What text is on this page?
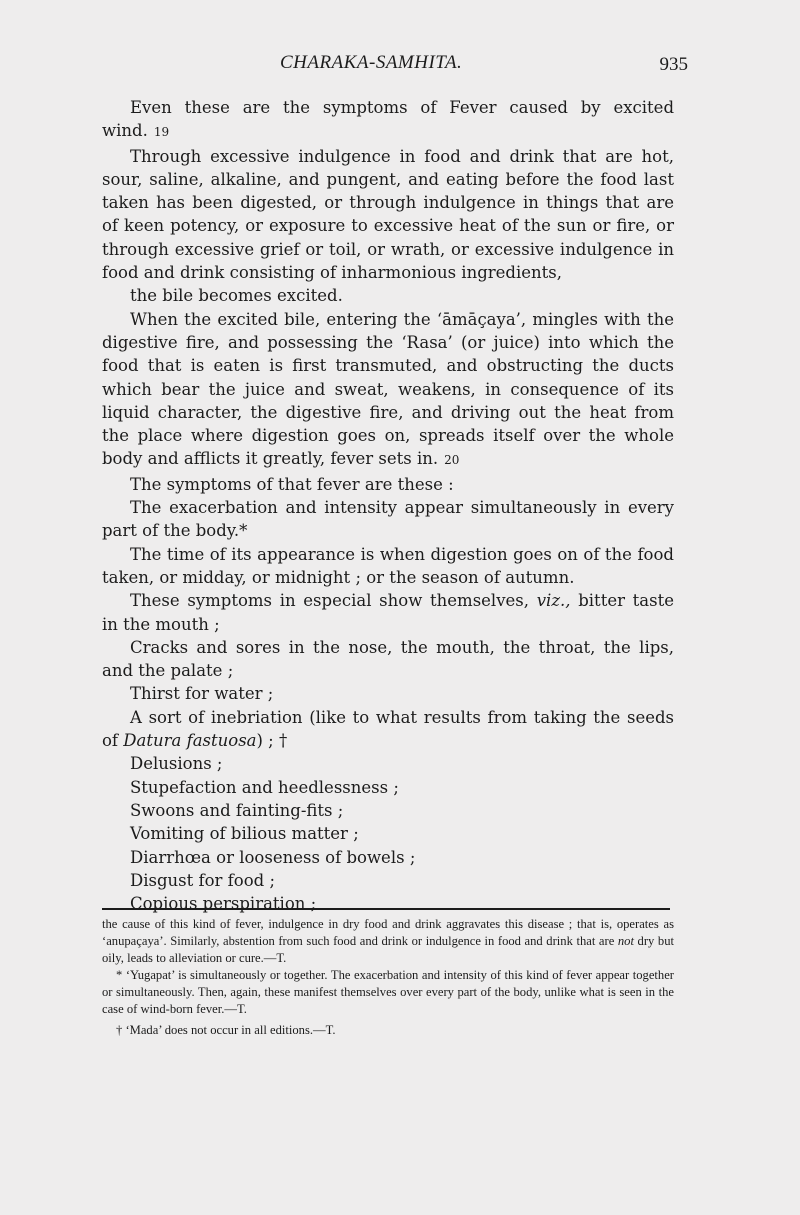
CHARAKA-SAMHITA.	935

Even these are the symptoms of Fever caused by excited wind. 19

Through excessive indulgence in food and drink that are hot, sour, saline, alkaline, and pungent, and eating before the food last taken has been digested, or through indulgence in things that are of keen potency, or exposure to excessive heat of the sun or fire, or through excessive grief or toil, or wrath, or excessive indulgence in food and drink consisting of inharmonious ingredients,

the bile becomes excited.

When the excited bile, entering the ‘āmāçaya’, mingles with the digestive fire, and possessing the ‘Rasa’ (or juice) into which the food that is eaten is first transmuted, and obstructing the ducts which bear the juice and sweat, weakens, in consequence of its liquid character, the digestive fire, and driving out the heat from the place where digestion goes on, spreads itself over the whole body and afflicts it greatly, fever sets in. 20

The symptoms of that fever are these :

The exacerbation and intensity appear simultaneously in every part of the body.*

The time of its appearance is when digestion goes on of the food taken, or midday, or midnight ; or the season of autumn.

These symptoms in especial show themselves, viz., bitter taste in the mouth ;

Cracks and sores in the nose, the mouth, the throat, the lips, and the palate ;

Thirst for water ;

A sort of inebriation (like to what results from taking the seeds of Datura fastuosa) ; †

Delusions ;

Stupefaction and heedlessness ;

Swoons and fainting-fits ;

Vomiting of bilious matter ;

Diarrhœa or looseness of bowels ;

Disgust for food ;

Copious perspiration ;

the cause of this kind of fever, indulgence in dry food and drink aggravates this disease ; that is, operates as ‘anupaçaya’. Similarly, abstention from such food and drink or indulgence in food and drink that are not dry but oily, leads to alleviation or cure.—T.

* ‘Yugapat’ is simultaneously or together. The exacerbation and intensity of this kind of fever appear together or simultaneously. Then, again, these manifest themselves over every part of the body, unlike what is seen in the case of wind-born fever.—T.

† ‘Mada’ does not occur in all editions.—T.
